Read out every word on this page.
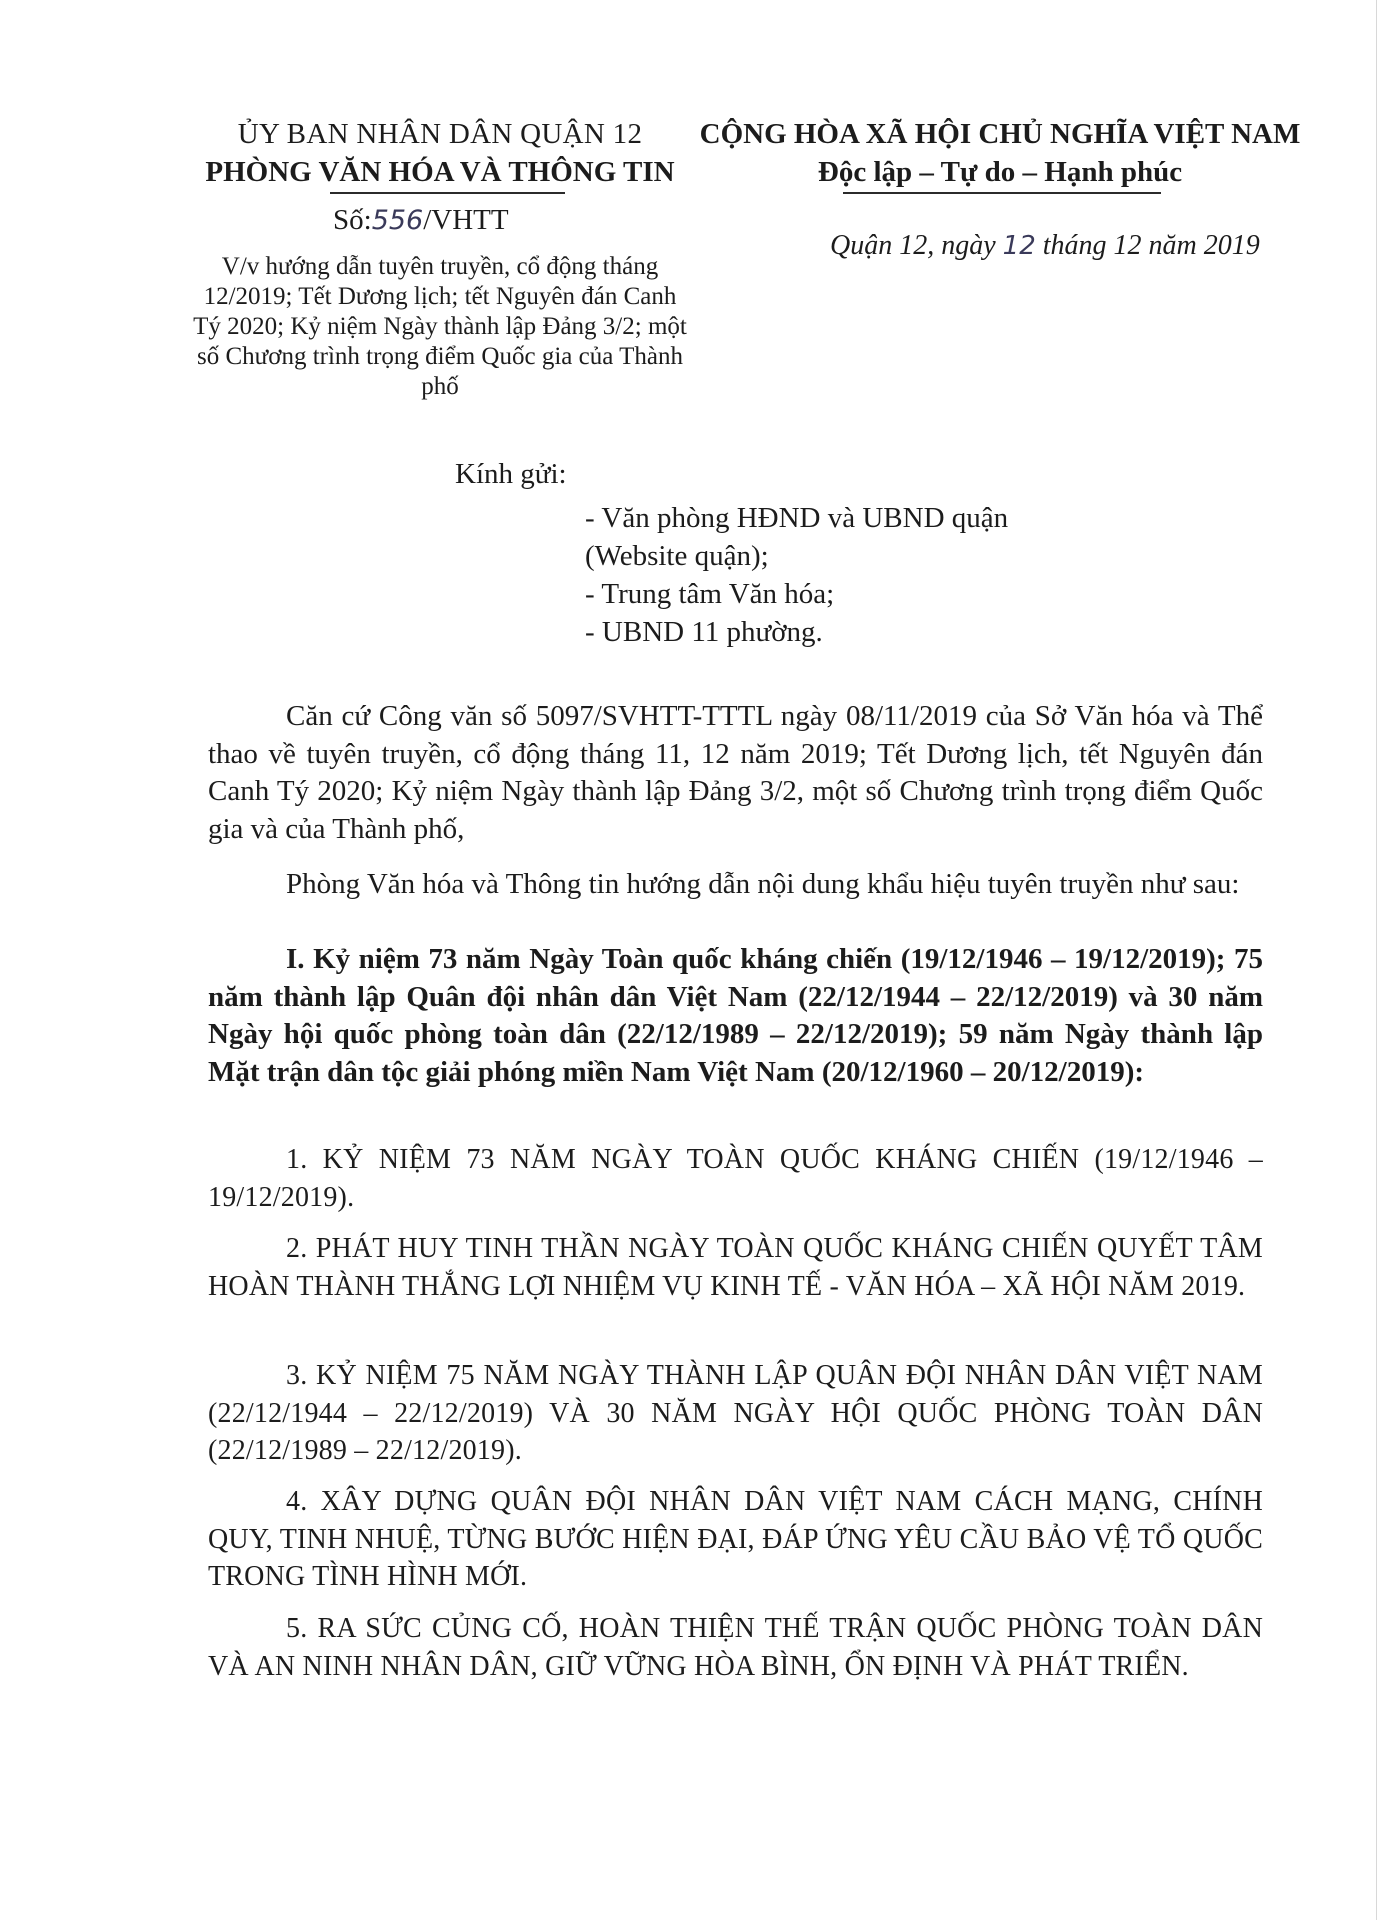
ỦY BAN NHÂN DÂN QUẬN 12
PHÒNG VĂN HÓA VÀ THÔNG TIN
Số:556/VHTT
V/v hướng dẫn tuyên truyền, cổ động tháng 12/2019; Tết Dương lịch; tết Nguyên đán Canh Tý 2020; Kỷ niệm Ngày thành lập Đảng 3/2; một số Chương trình trọng điểm Quốc gia của Thành phố
CỘNG HÒA XÃ HỘI CHỦ NGHĨA VIỆT NAM
Độc lập – Tự do – Hạnh phúc
Quận 12, ngày 12 tháng 12 năm 2019
Kính gửi:
- Văn phòng HĐND và UBND quận
(Website quận);
- Trung tâm Văn hóa;
- UBND 11 phường.
Căn cứ Công văn số 5097/SVHTT-TTTL ngày 08/11/2019 của Sở Văn hóa và Thể thao về tuyên truyền, cổ động tháng 11, 12 năm 2019; Tết Dương lịch, tết Nguyên đán Canh Tý 2020; Kỷ niệm Ngày thành lập Đảng 3/2, một số Chương trình trọng điểm Quốc gia và của Thành phố,
Phòng Văn hóa và Thông tin hướng dẫn nội dung khẩu hiệu tuyên truyền như sau:
I. Kỷ niệm 73 năm Ngày Toàn quốc kháng chiến (19/12/1946 – 19/12/2019); 75 năm thành lập Quân đội nhân dân Việt Nam (22/12/1944 – 22/12/2019) và 30 năm Ngày hội quốc phòng toàn dân (22/12/1989 – 22/12/2019); 59 năm Ngày thành lập Mặt trận dân tộc giải phóng miền Nam Việt Nam (20/12/1960 – 20/12/2019):
1. KỶ NIỆM 73 NĂM NGÀY TOÀN QUỐC KHÁNG CHIẾN (19/12/1946 – 19/12/2019).
2. PHÁT HUY TINH THẦN NGÀY TOÀN QUỐC KHÁNG CHIẾN QUYẾT TÂM HOÀN THÀNH THẮNG LỢI NHIỆM VỤ KINH TẾ - VĂN HÓA – XÃ HỘI NĂM 2019.
3. KỶ NIỆM 75 NĂM NGÀY THÀNH LẬP QUÂN ĐỘI NHÂN DÂN VIỆT NAM (22/12/1944 – 22/12/2019) VÀ 30 NĂM NGÀY HỘI QUỐC PHÒNG TOÀN DÂN (22/12/1989 – 22/12/2019).
4. XÂY DỰNG QUÂN ĐỘI NHÂN DÂN VIỆT NAM CÁCH MẠNG, CHÍNH QUY, TINH NHUỆ, TỪNG BƯỚC HIỆN ĐẠI, ĐÁP ỨNG YÊU CẦU BẢO VỆ TỔ QUỐC TRONG TÌNH HÌNH MỚI.
5. RA SỨC CỦNG CỐ, HOÀN THIỆN THẾ TRẬN QUỐC PHÒNG TOÀN DÂN VÀ AN NINH NHÂN DÂN, GIỮ VỮNG HÒA BÌNH, ỔN ĐỊNH VÀ PHÁT TRIỂN.
